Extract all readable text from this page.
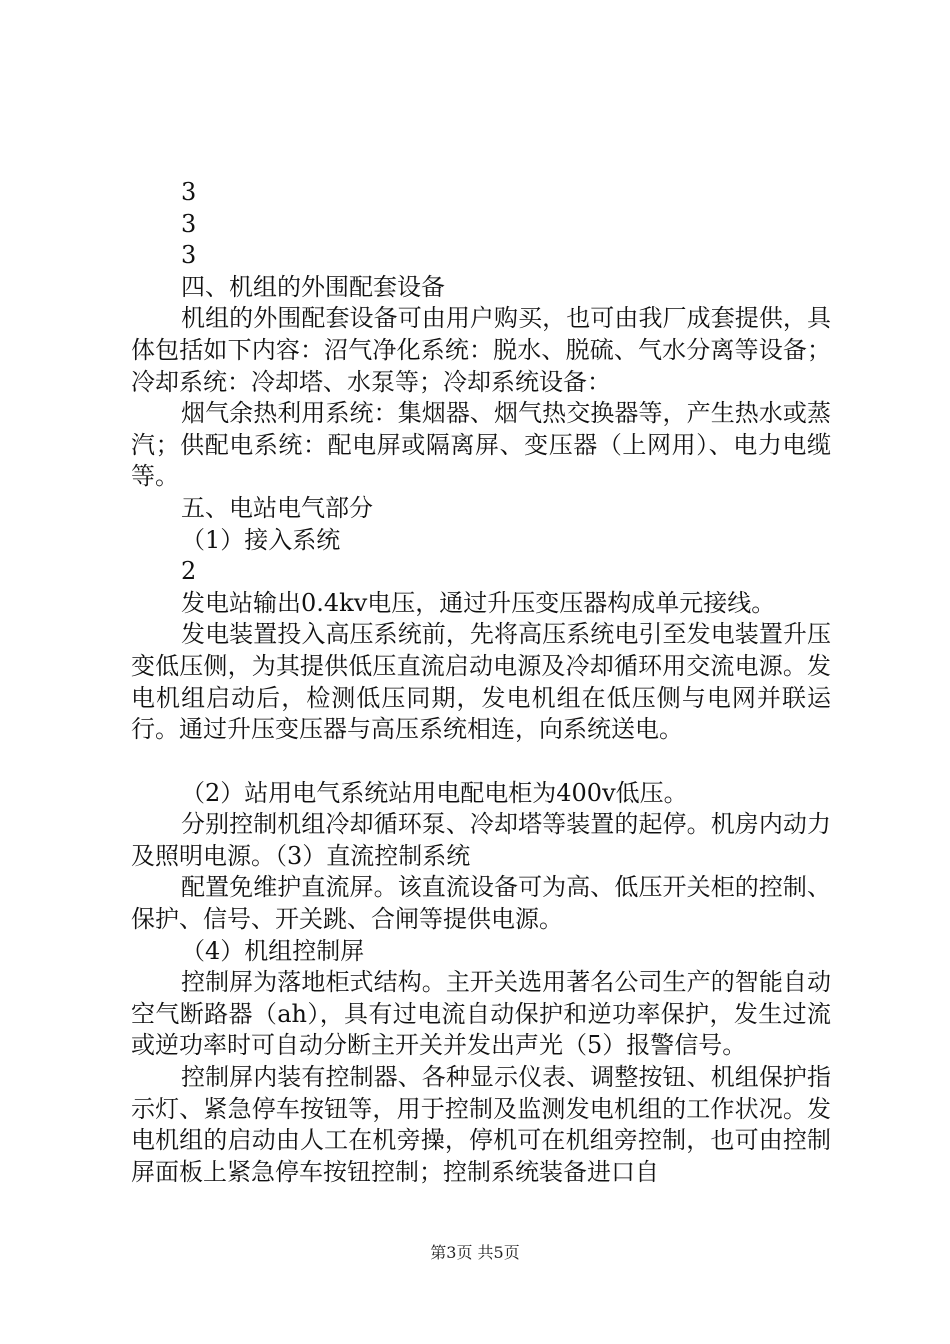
3

3

3

四、机组的外围配套设备

机组的外围配套设备可由用户购买，也可由我厂成套提供，具体包括如下内容：沼气净化系统：脱水、脱硫、气水分离等设备；冷却系统：冷却塔、水泵等；冷却系统设备：

烟气余热利用系统：集烟器、烟气热交换器等，产生热水或蒸汽；供配电系统：配电屏或隔离屏、变压器（上网用）、电力电缆等。

五、电站电气部分

（1）接入系统

2

发电站输出0.4kv电压，通过升压变压器构成单元接线。

发电装置投入高压系统前，先将高压系统电引至发电装置升压变低压侧，为其提供低压直流启动电源及冷却循环用交流电源。发电机组启动后，检测低压同期，发电机组在低压侧与电网并联运行。通过升压变压器与高压系统相连，向系统送电。

（2）站用电气系统站用电配电柜为400v低压。

分别控制机组冷却循环泵、冷却塔等装置的起停。机房内动力及照明电源。（3）直流控制系统

配置免维护直流屏。该直流设备可为高、低压开关柜的控制、保护、信号、开关跳、合闸等提供电源。

（4）机组控制屏

控制屏为落地柜式结构。主开关选用著名公司生产的智能自动空气断路器（ah），具有过电流自动保护和逆功率保护，发生过流或逆功率时可自动分断主开关并发出声光（5）报警信号。

控制屏内装有控制器、各种显示仪表、调整按钮、机组保护指示灯、紧急停车按钮等，用于控制及监测发电机组的工作状况。发电机组的启动由人工在机旁操，停机可在机组旁控制，也可由控制屏面板上紧急停车按钮控制；控制系统装备进口自

第3页 共5页
